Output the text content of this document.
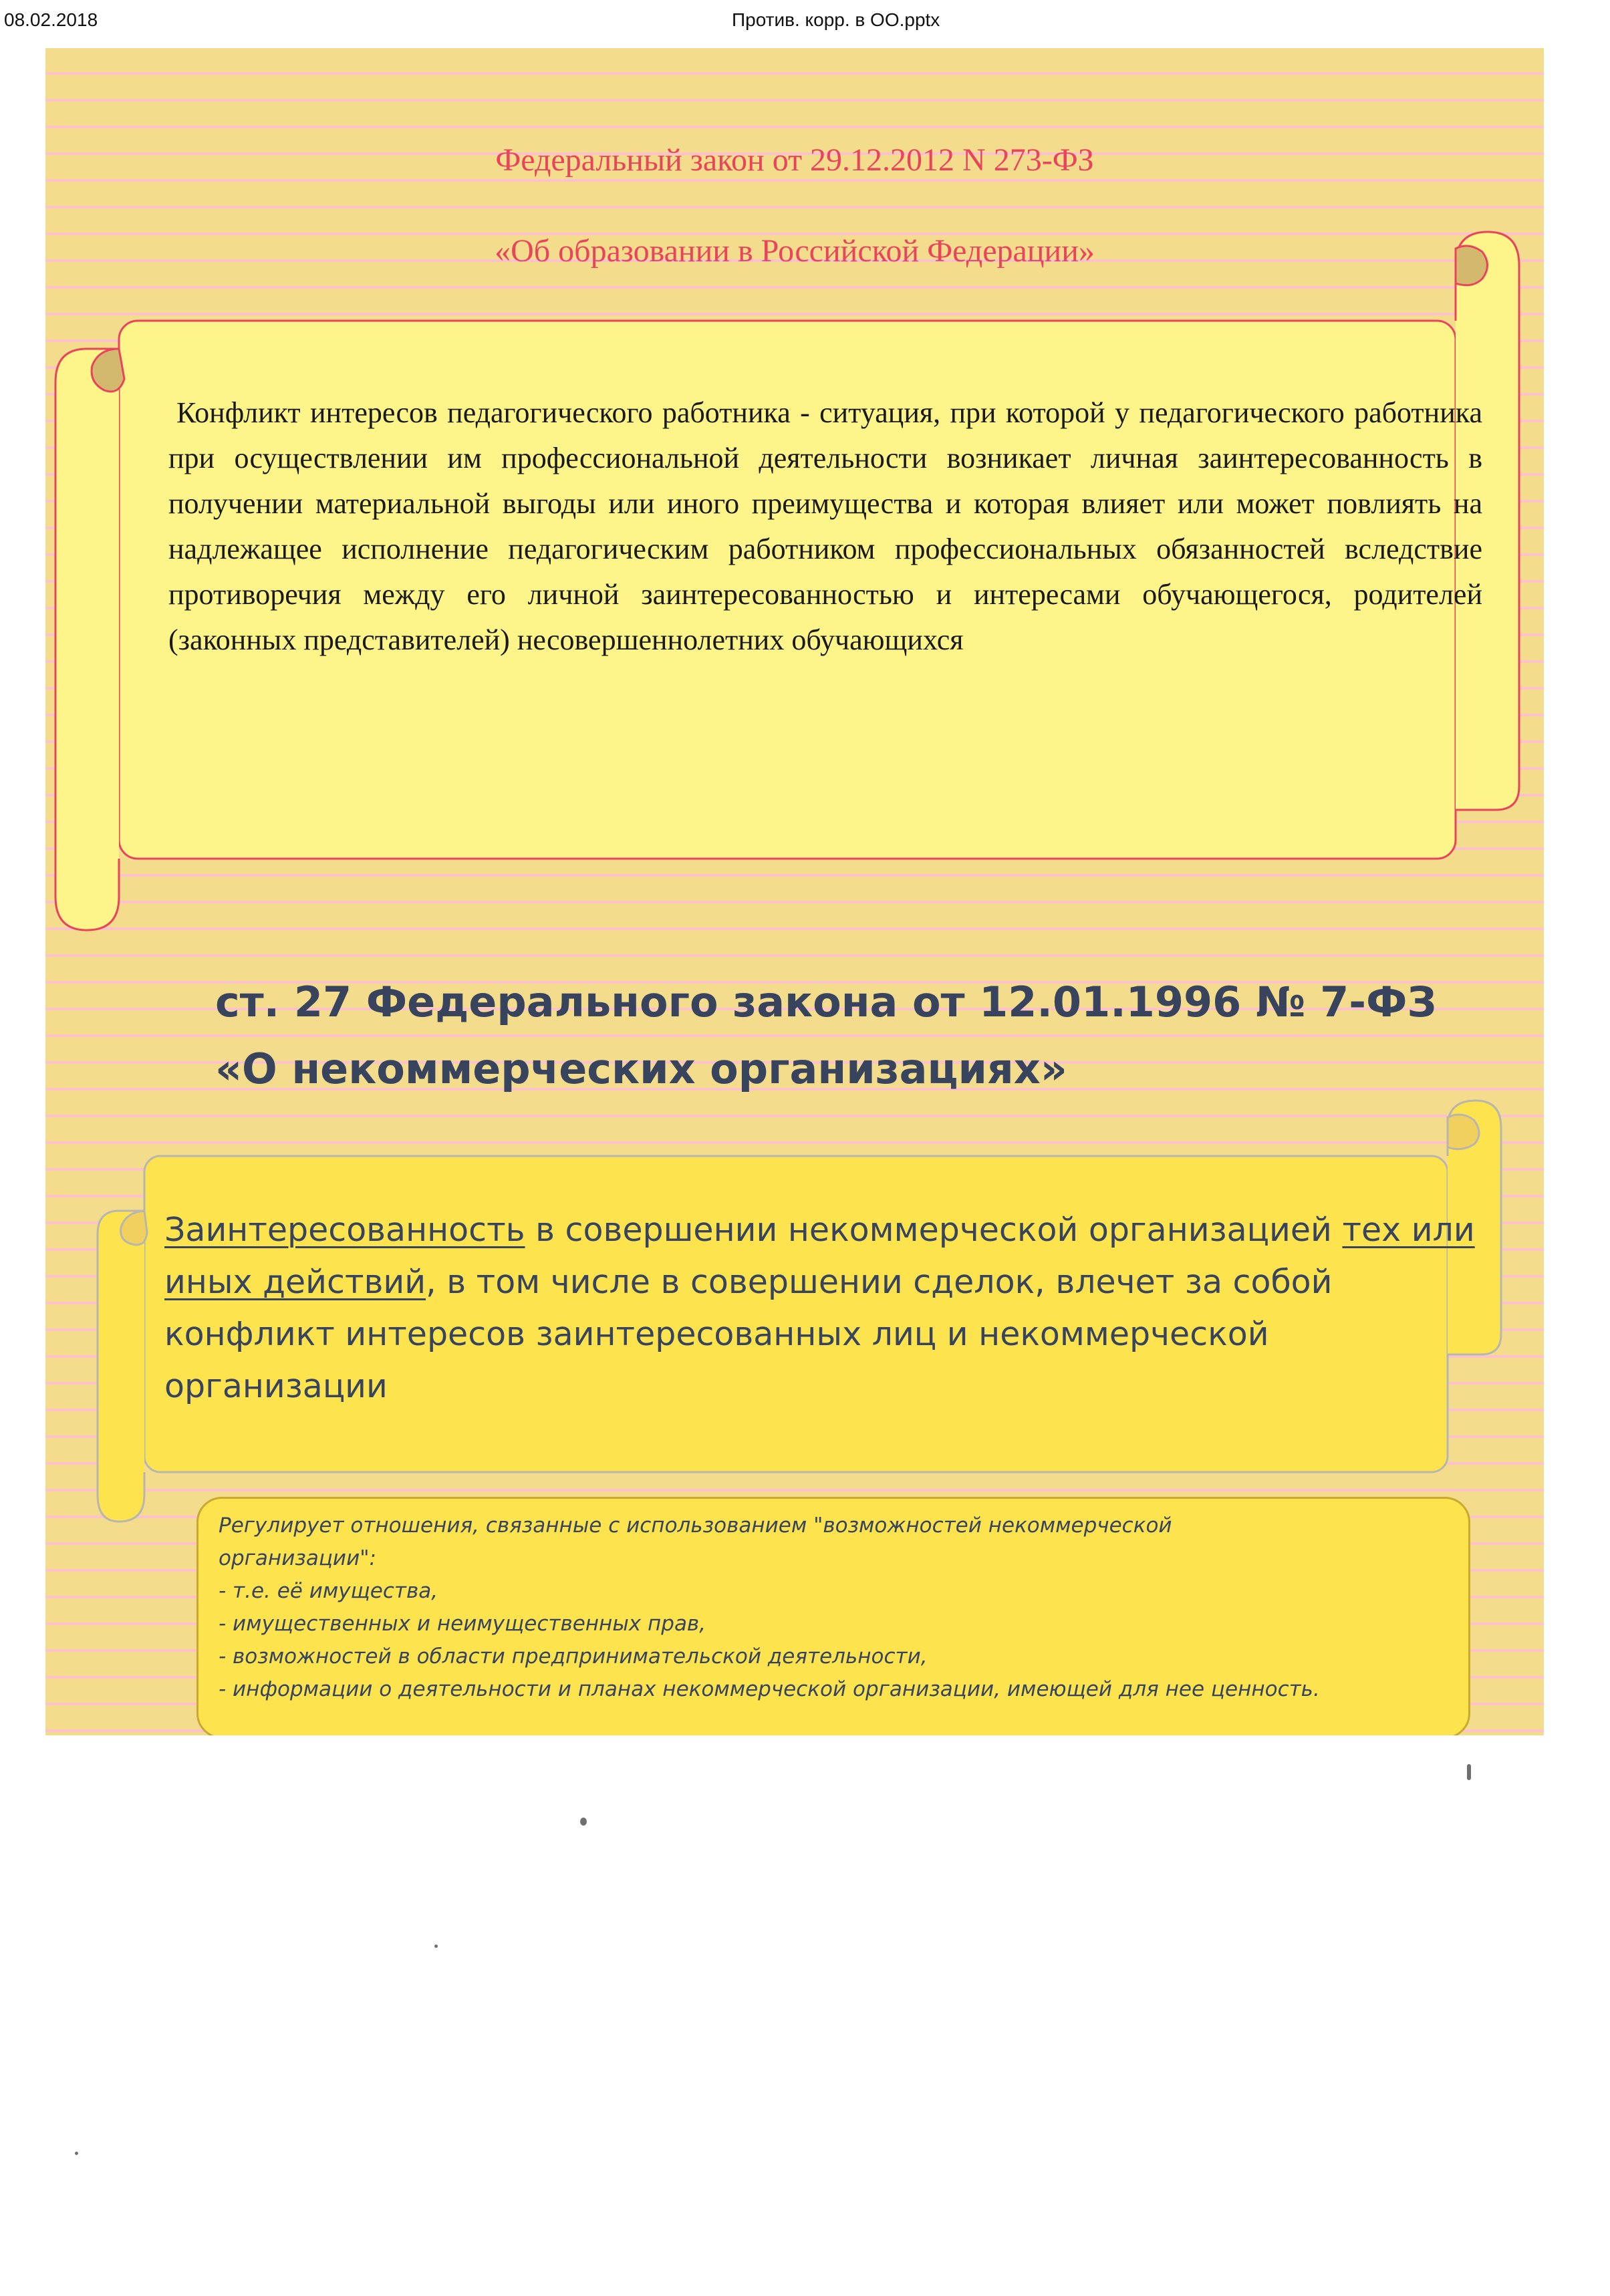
08.02.2018	Против. корр. в ОО.pptx
Федеральный закон от 29.12.2012 N 273-ФЗ
«Об образовании в Российской Федерации»
Конфликт интересов педагогического работника - ситуация, при которой у педагогического работника при осуществлении им профессиональной деятельности возникает личная заинтересованность в получении материальной выгоды или иного преимущества и которая влияет или может повлиять на надлежащее исполнение педагогическим работником профессиональных обязанностей вследствие противоречия между его личной заинтересованностью и интересами обучающегося, родителей (законных представителей) несовершеннолетних обучающихся
ст. 27 Федерального закона от 12.01.1996 № 7-ФЗ
«О некоммерческих организациях»
Заинтересованность в совершении некоммерческой организацией тех или иных действий, в том числе в совершении сделок, влечет за собой конфликт интересов заинтересованных лиц и некоммерческой организации
Регулирует отношения, связанные с использованием "возможностей некоммерческой
организации":
- т.е. её имущества,
- имущественных и неимущественных прав,
- возможностей в области предпринимательской деятельности,
- информации о деятельности и планах некоммерческой организации, имеющей для нее ценность.
